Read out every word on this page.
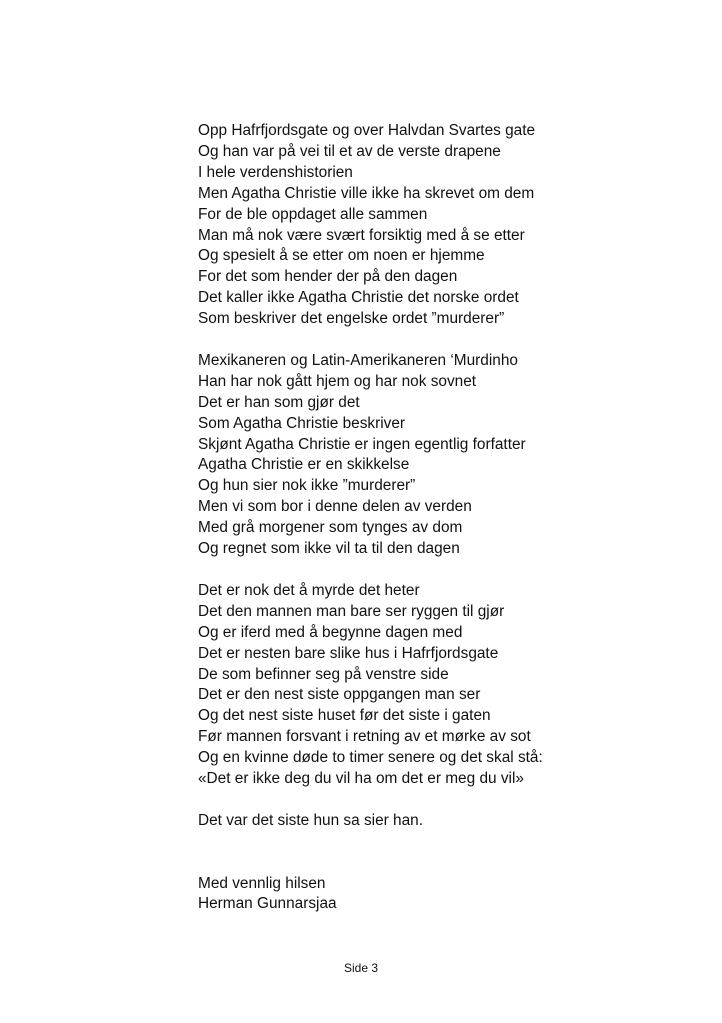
Opp Hafrfjordsgate og over Halvdan Svartes gate
Og han var på vei til et av de verste drapene
I hele verdenshistorien
Men Agatha Christie ville ikke ha skrevet om dem
For de ble oppdaget alle sammen
Man må nok være svært forsiktig med å se etter
Og spesielt å se etter om noen er hjemme
For det som hender der på den dagen
Det kaller ikke Agatha Christie det norske ordet
Som beskriver det engelske ordet ”murderer”
Mexikaneren og Latin-Amerikaneren ‘Murdinho
Han har nok gått hjem og har nok sovnet
Det er han som gjør det
Som Agatha Christie beskriver
Skjønt Agatha Christie er ingen egentlig forfatter
Agatha Christie er en skikkelse
Og hun sier nok ikke ”murderer”
Men vi som bor i denne delen av verden
Med grå morgener som tynges av dom
Og regnet som ikke vil ta til den dagen
Det er nok det å myrde det heter
Det den mannen man bare ser ryggen til gjør
Og er iferd med å begynne dagen med
Det er nesten bare slike hus i Hafrfjordsgate
De som befinner seg på venstre side
Det er den nest siste oppgangen man ser
Og det nest siste huset før det siste i gaten
Før mannen forsvant i retning av et mørke av sot
Og en kvinne døde to timer senere og det skal stå:
«Det er ikke deg du vil ha om det er meg du vil»
Det var det siste hun sa sier han.
Med vennlig hilsen
Herman Gunnarsjaa
Side 3
